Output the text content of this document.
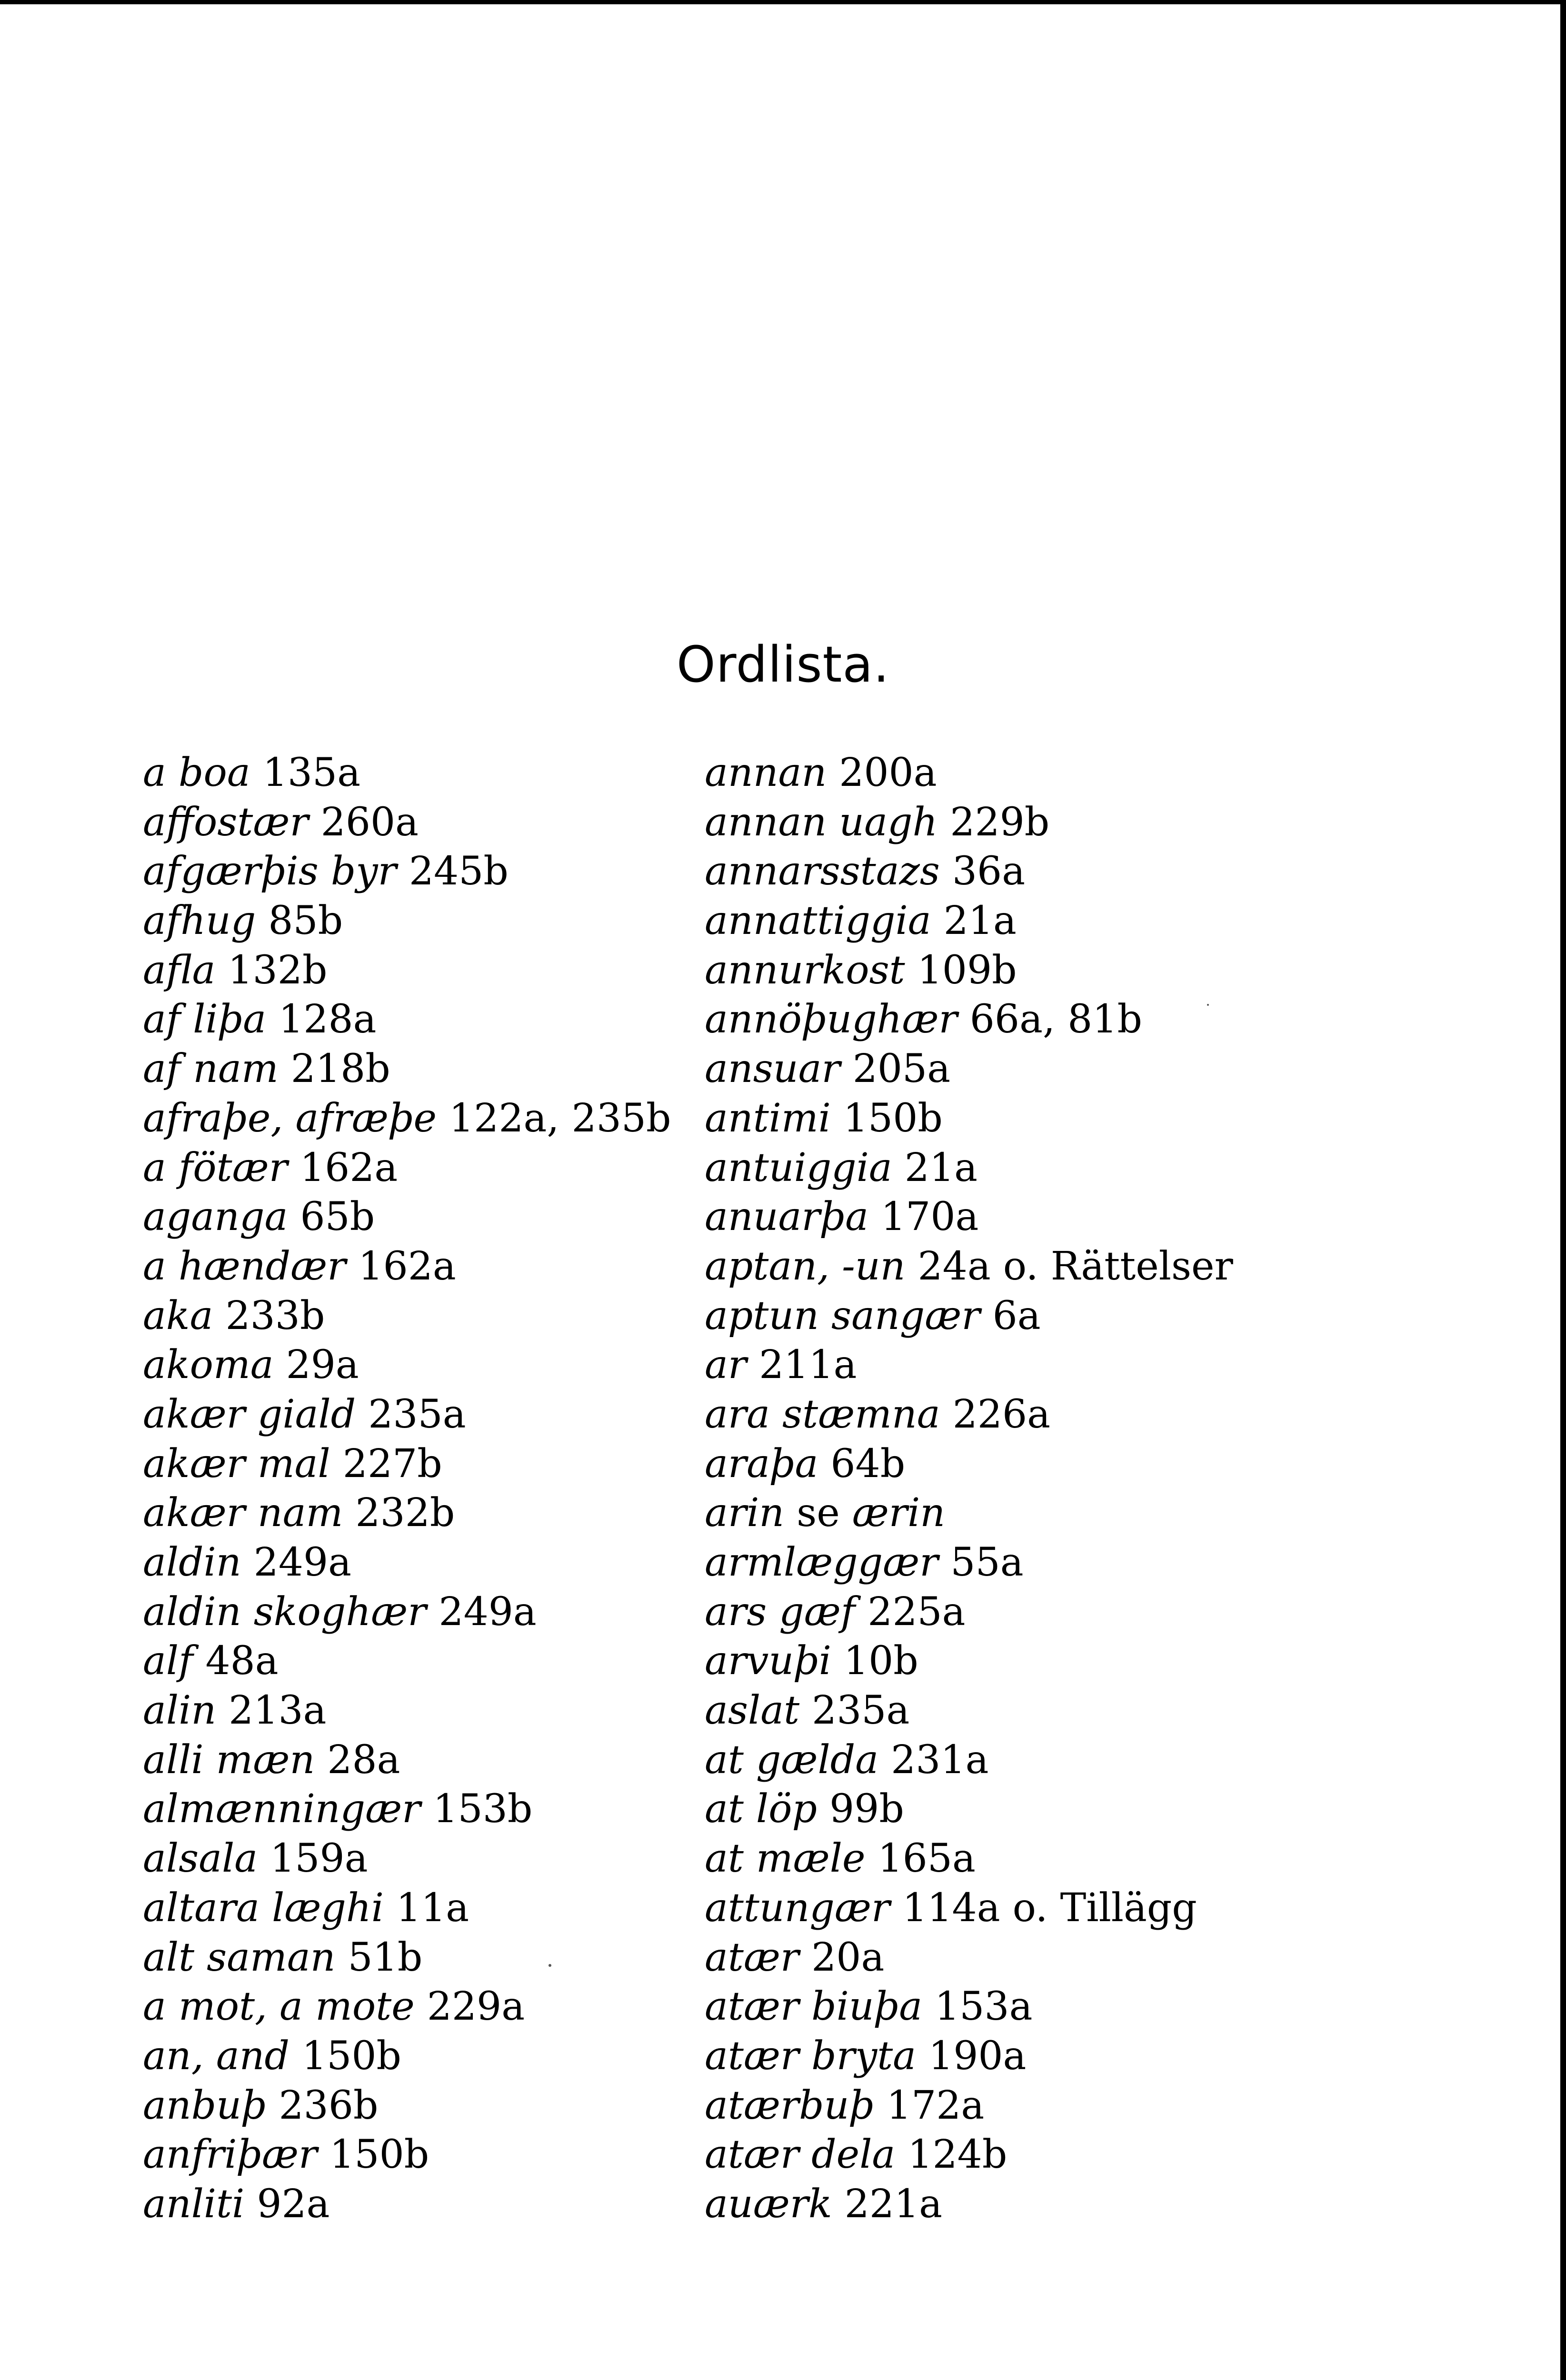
Ordlista.
a boa 135a
affostær 260a
afgærþis byr 245b
afhug 85b
afla 132b
af liþa 128a
af nam 218b
afraþe, afræþe 122a, 235b
a fötær 162a
aganga 65b
a hændær 162a
aka 233b
akoma 29a
akær giald 235a
akær mal 227b
akær nam 232b
aldin 249a
aldin skoghær 249a
alf 48a
alin 213a
alli mæn 28a
almænningær 153b
alsala 159a
altara læghi 11a
alt saman 51b
a mot, a mote 229a
an, and 150b
anbuþ 236b
anfriþær 150b
anliti 92a
annan 200a
annan uagh 229b
annarsstazs 36a
annattiggia 21a
annurkost 109b
annöþughær 66a, 81b
ansuar 205a
antimi 150b
antuiggia 21a
anuarþa 170a
aptan, -un 24a o. Rättelser
aptun sangær 6a
ar 211a
ara stæmna 226a
araþa 64b
arin se ærin
armlæggær 55a
ars gæf 225a
arvuþi 10b
aslat 235a
at gælda 231a
at löp 99b
at mæle 165a
attungær 114a o. Tillägg
atær 20a
atær biuþa 153a
atær bryta 190a
atærbuþ 172a
atær dela 124b
auærk 221a
